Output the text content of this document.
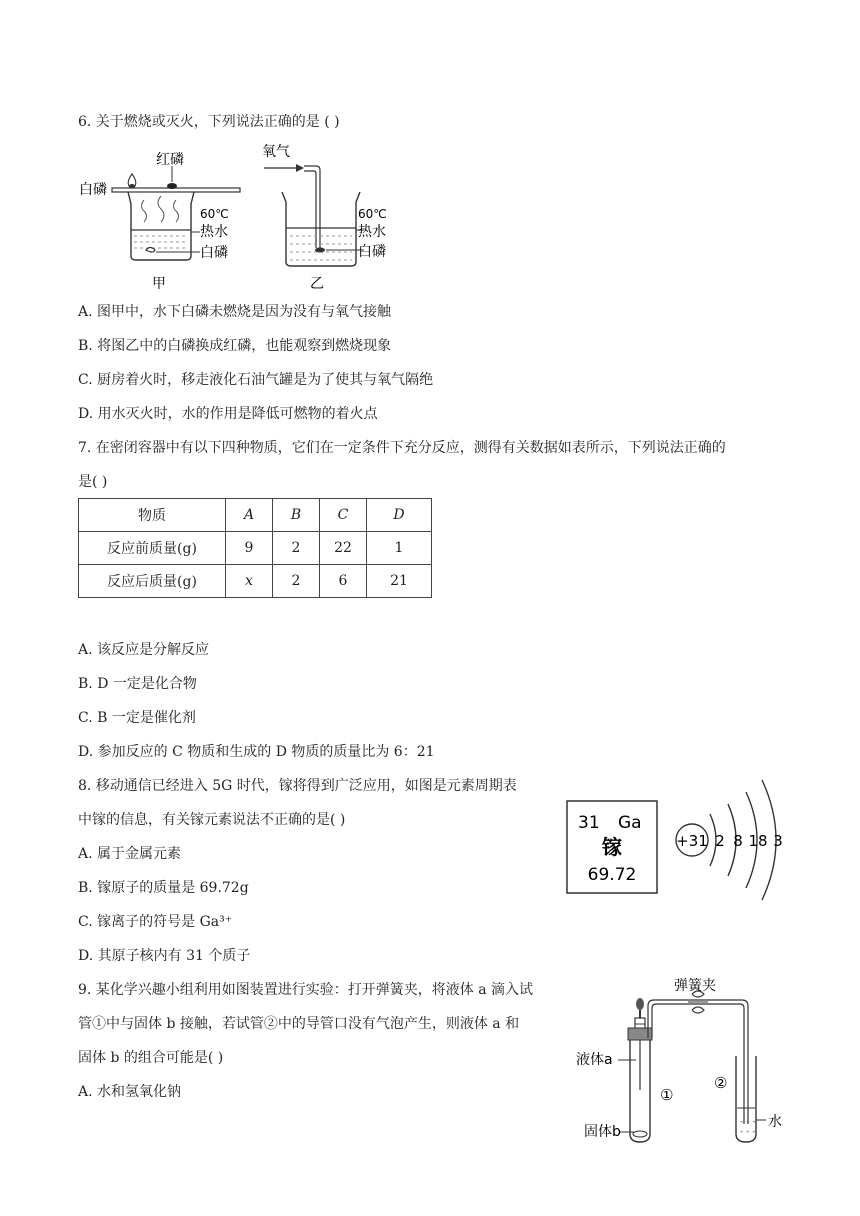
6. 关于燃烧或灭火，下列说法正确的是 ( )
红磷
白磷
60℃
热水
白磷
甲
氧气
60℃
热水
白磷
乙
A. 图甲中，水下白磷未燃烧是因为没有与氧气接触
B. 将图乙中的白磷换成红磷，也能观察到燃烧现象
C. 厨房着火时，移走液化石油气罐是为了使其与氧气隔绝
D. 用水灭火时，水的作用是降低可燃物的着火点
7. 在密闭容器中有以下四种物质，它们在一定条件下充分反应，测得有关数据如表所示，下列说法正确的
是( )
物质	A	B	C	D
反应前质量(g)	9	2	22	1
反应后质量(g)	x	2	6	21
A. 该反应是分解反应
B. D 一定是化合物
C. B 一定是催化剂
D. 参加反应的 C 物质和生成的 D 物质的质量比为 6：21
8. 移动通信已经进入 5G 时代，镓将得到广泛应用，如图是元素周期表
中镓的信息，有关镓元素说法不正确的是( )
A. 属于金属元素
B. 镓原子的质量是 69.72g
C. 镓离子的符号是 Ga³⁺
D. 其原子核内有 31 个质子
31 Ga
镓
69.72
+31 2 8 18 3
9. 某化学兴趣小组利用如图装置进行实验：打开弹簧夹，将液体 a 滴入试
管①中与固体 b 接触，若试管②中的导管口没有气泡产生，则液体 a 和
固体 b 的组合可能是( )
A. 水和氢氧化钠
- - -
- - -
弹簧夹
液体a
固体b
①
②
水
